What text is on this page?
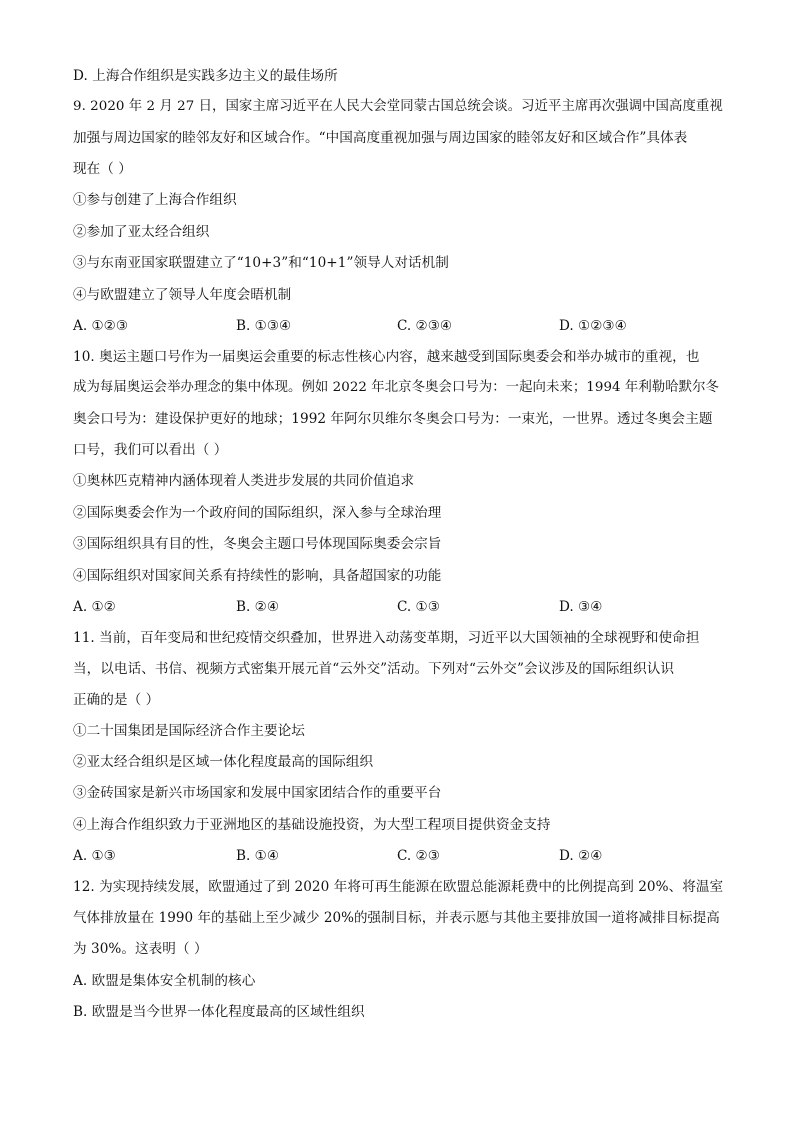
D. 上海合作组织是实践多边主义的最佳场所
9. 2020 年 2 月 27 日，国家主席习近平在人民大会堂同蒙古国总统会谈。习近平主席再次强调中国高度重视
加强与周边国家的睦邻友好和区域合作。“中国高度重视加强与周边国家的睦邻友好和区域合作”具体表
现在（ ）
①参与创建了上海合作组织
②参加了亚太经合组织
③与东南亚国家联盟建立了“10+3”和“10+1”领导人对话机制
④与欧盟建立了领导人年度会晤机制
A. ①②③	B. ①③④	C. ②③④	D. ①②③④
10. 奥运主题口号作为一届奥运会重要的标志性核心内容，越来越受到国际奥委会和举办城市的重视，也
成为每届奥运会举办理念的集中体现。例如 2022 年北京冬奥会口号为：一起向未来；1994 年利勒哈默尔冬
奥会口号为：建设保护更好的地球；1992 年阿尔贝维尔冬奥会口号为：一束光，一世界。透过冬奥会主题
口号，我们可以看出（ ）
①奥林匹克精神内涵体现着人类进步发展的共同价值追求
②国际奥委会作为一个政府间的国际组织，深入参与全球治理
③国际组织具有目的性，冬奥会主题口号体现国际奥委会宗旨
④国际组织对国家间关系有持续性的影响，具备超国家的功能
A. ①②	B. ②④	C. ①③	D. ③④
11. 当前，百年变局和世纪疫情交织叠加，世界进入动荡变革期，习近平以大国领袖的全球视野和使命担
当，以电话、书信、视频方式密集开展元首“云外交”活动。下列对“云外交”会议涉及的国际组织认识
正确的是（ ）
①二十国集团是国际经济合作主要论坛
②亚太经合组织是区域一体化程度最高的国际组织
③金砖国家是新兴市场国家和发展中国家团结合作的重要平台
④上海合作组织致力于亚洲地区的基础设施投资，为大型工程项目提供资金支持
A. ①③	B. ①④	C. ②③	D. ②④
12. 为实现持续发展，欧盟通过了到 2020 年将可再生能源在欧盟总能源耗费中的比例提高到 20%、将温室
气体排放量在 1990 年的基础上至少减少 20%的强制目标，并表示愿与其他主要排放国一道将减排目标提高
为 30%。这表明（ ）
A. 欧盟是集体安全机制的核心
B. 欧盟是当今世界一体化程度最高的区域性组织
